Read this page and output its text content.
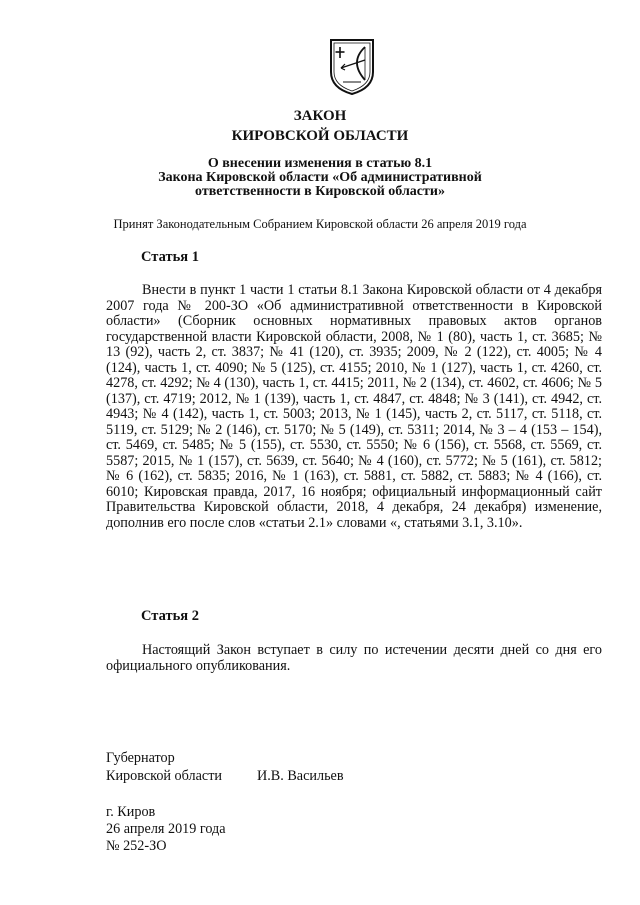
ЗАКОН
КИРОВСКОЙ ОБЛАСТИ
О внесении изменения в статью 8.1
Закона Кировской области «Об административной
ответственности в Кировской области»
Принят Законодательным Собранием Кировской области 26 апреля 2019 года
Статья 1
Внести в пункт 1 части 1 статьи 8.1 Закона Кировской области от 4 декабря 2007 года № 200-ЗО «Об административной ответственности в Кировской области» (Сборник основных нормативных правовых актов органов государственной власти Кировской области, 2008, № 1 (80), часть 1, ст. 3685; № 13 (92), часть 2, ст. 3837; № 41 (120), ст. 3935; 2009, № 2 (122), ст. 4005; № 4 (124), часть 1, ст. 4090; № 5 (125), ст. 4155; 2010, № 1 (127), часть 1, ст. 4260, ст. 4278, ст. 4292; № 4 (130), часть 1, ст. 4415; 2011, № 2 (134), ст. 4602, ст. 4606; № 5 (137), ст. 4719; 2012, № 1 (139), часть 1, ст. 4847, ст. 4848; № 3 (141), ст. 4942, ст. 4943; № 4 (142), часть 1, ст. 5003; 2013, № 1 (145), часть 2, ст. 5117, ст. 5118, ст. 5119, ст. 5129; № 2 (146), ст. 5170; № 5 (149), ст. 5311; 2014, № 3 – 4 (153 – 154), ст. 5469, ст. 5485; № 5 (155), ст. 5530, ст. 5550; № 6 (156), ст. 5568, ст. 5569, ст. 5587; 2015, № 1 (157), ст. 5639, ст. 5640; № 4 (160), ст. 5772; № 5 (161), ст. 5812; № 6 (162), ст. 5835; 2016, № 1 (163), ст. 5881, ст. 5882, ст. 5883; № 4 (166), ст. 6010; Кировская правда, 2017, 16 ноября; официальный информационный сайт Правительства Кировской области, 2018, 4 декабря, 24 декабря) изменение, дополнив его после слов «статьи 2.1» словами «, статьями 3.1, 3.10».
Статья 2
Настоящий Закон вступает в силу по истечении десяти дней со дня его официального опубликования.
Губернатор
Кировской области И.В. Васильев
г. Киров
26 апреля 2019 года
№ 252-ЗО
